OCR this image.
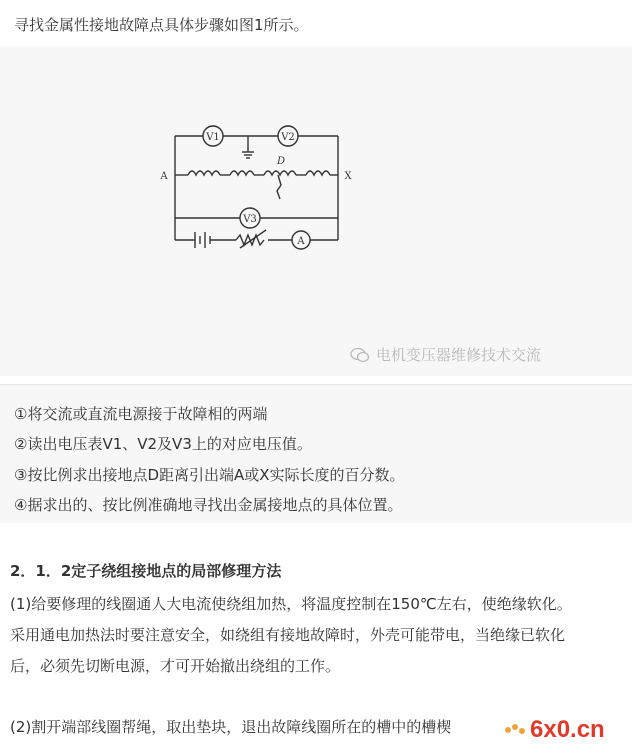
寻找金属性接地故障点具体步骤如图1所示。
V1	V2
V3
A
A	X
D
电机变压器维修技术交流
①将交流或直流电源接于故障相的两端
②读出电压表V1、V2及V3上的对应电压值。
③按比例求出接地点D距离引出端A或X实际长度的百分数。
④据求出的、按比例准确地寻找出金属接地点的具体位置。
2．1．2定子绕组接地点的局部修理方法
(1)给要修理的线圈通人大电流使绕组加热，将温度控制在150℃左右，使绝缘软化。
采用通电加热法时要注意安全，如绕组有接地故障时，外壳可能带电，当绝缘已软化
后，必须先切断电源，才可开始撤出绕组的工作。
(2)割开端部线圈帮绳，取出垫块，退出故障线圈所在的槽中的槽楔	6x0.cn
